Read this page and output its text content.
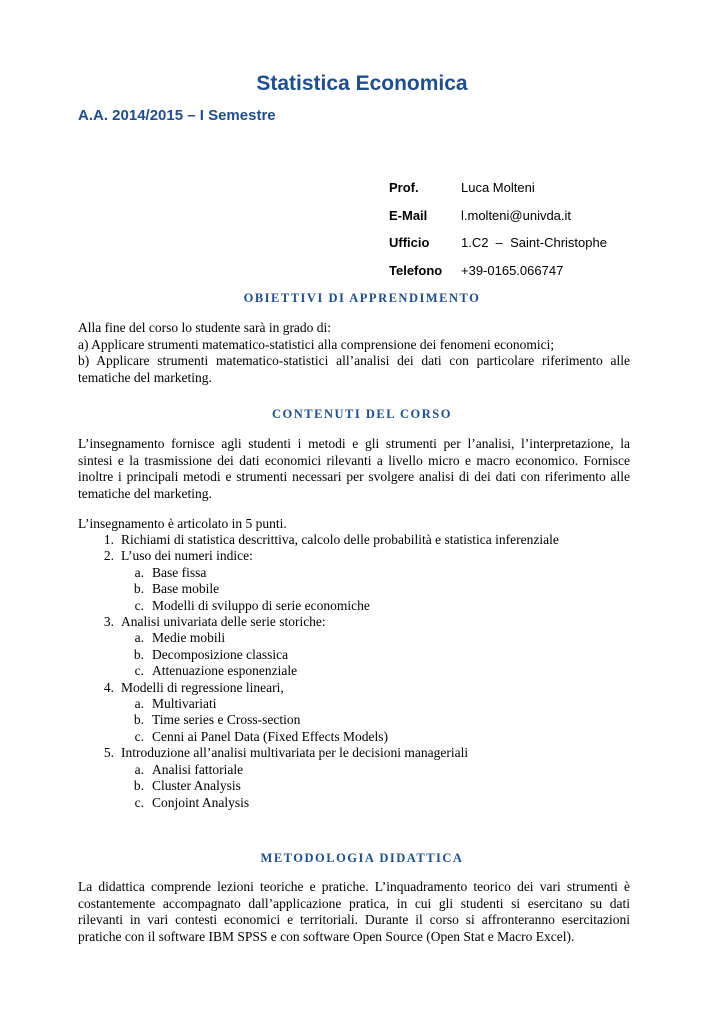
Statistica Economica
A.A. 2014/2015 – I Semestre
Prof.	Luca Molteni
E-Mail	l.molteni@univda.it
Ufficio	1.C2  –  Saint-Christophe
Telefono	+39-0165.066747
OBIETTIVI DI APPRENDIMENTO
Alla fine del corso lo studente sarà in grado di:
a) Applicare strumenti matematico-statistici alla comprensione dei fenomeni economici;
b) Applicare strumenti matematico-statistici all’analisi dei dati con particolare riferimento alle
tematiche del marketing.
CONTENUTI DEL CORSO
L’insegnamento fornisce agli studenti i metodi e gli strumenti per l’analisi, l’interpretazione, la
sintesi e la trasmissione dei dati economici rilevanti a livello micro e macro economico. Fornisce
inoltre i principali metodi e strumenti necessari per svolgere analisi di dei dati con riferimento alle
tematiche del marketing.
L’insegnamento è articolato in 5 punti.
1. Richiami di statistica descrittiva, calcolo delle probabilità e statistica inferenziale
2. L’uso dei numeri indice:
a. Base fissa
b. Base mobile
c. Modelli di sviluppo di serie economiche
3. Analisi univariata delle serie storiche:
a. Medie mobili
b. Decomposizione classica
c. Attenuazione esponenziale
4. Modelli di regressione lineari,
a. Multivariati
b. Time series e Cross-section
c. Cenni ai Panel Data (Fixed Effects Models)
5. Introduzione all’analisi multivariata per le decisioni manageriali
a. Analisi fattoriale
b. Cluster Analysis
c. Conjoint Analysis
METODOLOGIA DIDATTICA
La didattica comprende lezioni teoriche e pratiche. L’inquadramento teorico dei vari strumenti è
costantemente accompagnato dall’applicazione pratica, in cui gli studenti si esercitano su dati
rilevanti in vari contesti economici e territoriali. Durante il corso si affronteranno esercitazioni
pratiche con il software IBM SPSS e con software Open Source (Open Stat e Macro Excel).
